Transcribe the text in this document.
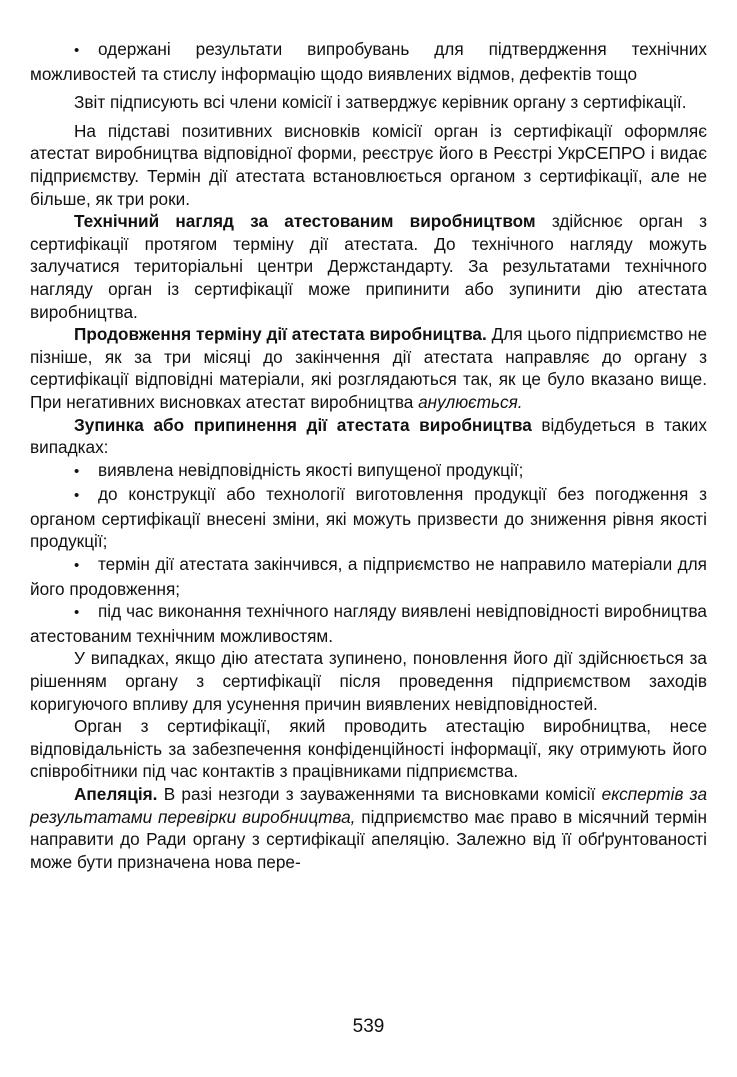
• одержані результати випробувань для підтвердження технічних можливостей та стислу інформацію щодо виявлених відмов, дефектів тощо

Звіт підписують всі члени комісії і затверджує керівник органу з сертифікації.

На підставі позитивних висновків комісії орган із сертифікації оформляє атестат виробництва відповідної форми, реєструє його в Реєстрі УкрСЕПРО і видає підприємству. Термін дії атестата встановлюється органом з сертифікації, але не більше, як три роки.

Технічний нагляд за атестованим виробництвом здійснює орган з сертифікації протягом терміну дії атестата. До технічного нагляду можуть залучатися територіальні центри Держстандарту. За результатами технічного нагляду орган із сертифікації може припинити або зупинити дію атестата виробництва.

Продовження терміну дії атестата виробництва. Для цього підприємство не пізніше, як за три місяці до закінчення дії атестата направляє до органу з сертифікації відповідні матеріали, які розглядаються так, як це було вказано вище. При негативних висновках атестат виробництва анулюється.

Зупинка або припинення дії атестата виробництва відбудеться в таких випадках:

• виявлена невідповідність якості випущеної продукції;

• до конструкції або технології виготовлення продукції без погодження з органом сертифікації внесені зміни, які можуть призвести до зниження рівня якості продукції;

• термін дії атестата закінчився, а підприємство не направило матеріали для його продовження;

• під час виконання технічного нагляду виявлені невідповідності виробництва атестованим технічним можливостям.

У випадках, якщо дію атестата зупинено, поновлення його дії здійснюється за рішенням органу з сертифікації після проведення підприємством заходів коригуючого впливу для усунення причин виявлених невідповідностей.

Орган з сертифікації, який проводить атестацію виробництва, несе відповідальність за забезпечення конфіденційності інформації, яку отримують його співробітники під час контактів з працівниками підприємства.

Апеляція. В разі незгоди з зауваженнями та висновками комісії експертів за результатами перевірки виробництва, підприємство має право в місячний термін направити до Ради органу з сертифікації апеляцію. Залежно від її обґрунтованості може бути призначена нова пере-

539
